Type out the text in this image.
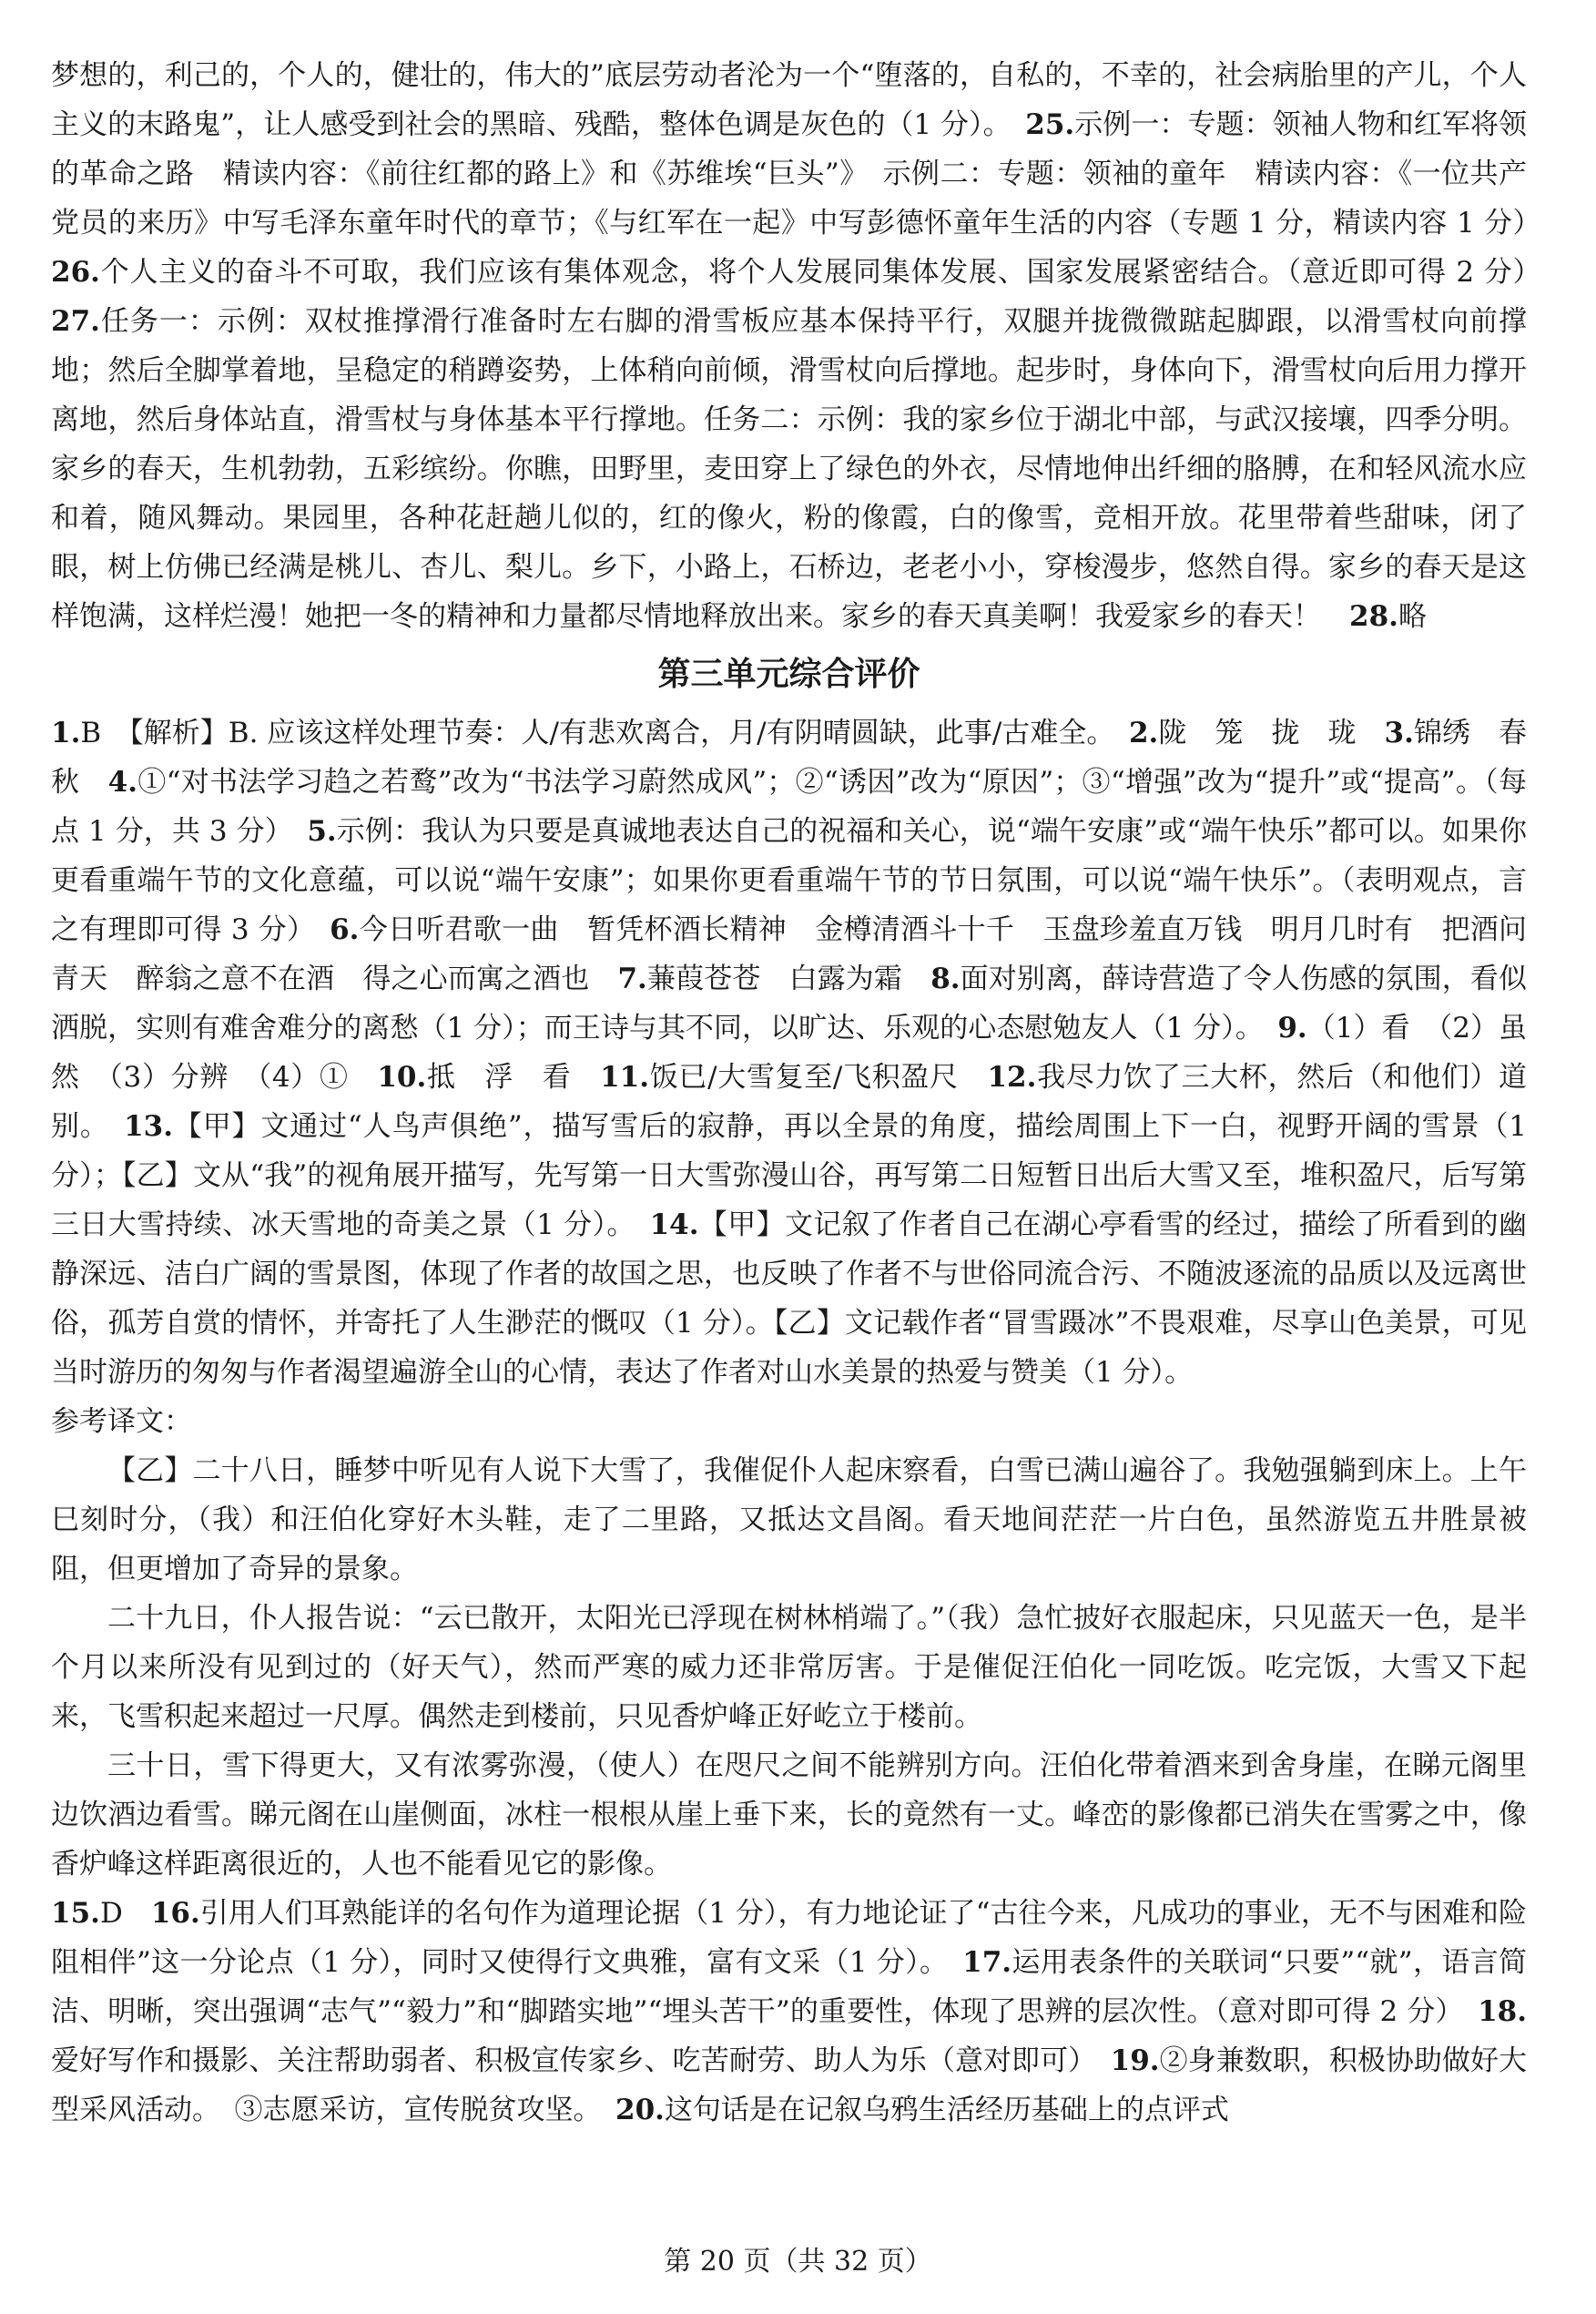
梦想的，利己的，个人的，健壮的，伟大的”底层劳动者沦为一个“堕落的，自私的，不幸的，社会病胎里的产儿，个人主义的末路鬼”，让人感受到社会的黑暗、残酷，整体色调是灰色的（1 分）。　 25.示例一：专题：领袖人物和红军将领的革命之路　精读内容：《前往红都的路上》和《苏维埃“巨头”》　示例二：专题：领袖的童年　精读内容：《一位共产党员的来历》中写毛泽东童年时代的章节；《与红军在一起》中写彭德怀童年生活的内容（专题 1 分，精读内容 1 分）　26.个人主义的奋斗不可取，我们应该有集体观念，将个人发展同集体发展、国家发展紧密结合。（意近即可得 2 分）　27.任务一：示例：双杖推撑滑行准备时左右脚的滑雪板应基本保持平行，双腿并拢微微踮起脚跟，以滑雪杖向前撑地；然后全脚掌着地，呈稳定的稍蹲姿势，上体稍向前倾，滑雪杖向后撑地。起步时，身体向下，滑雪杖向后用力撑开离地，然后身体站直，滑雪杖与身体基本平行撑地。任务二：示例：我的家乡位于湖北中部，与武汉接壤，四季分明。家乡的春天，生机勃勃，五彩缤纷。你瞧，田野里，麦田穿上了绿色的外衣，尽情地伸出纤细的胳膊，在和轻风流水应和着，随风舞动。果园里，各种花赶趟儿似的，红的像火，粉的像霞，白的像雪，竞相开放。花里带着些甜味，闭了眼，树上仿佛已经满是桃儿、杏儿、梨儿。乡下，小路上，石桥边，老老小小，穿梭漫步，悠然自得。家乡的春天是这样饱满，这样烂漫！她把一冬的精神和力量都尽情地释放出来。家乡的春天真美啊！我爱家乡的春天！　 28.略

第三单元综合评价

1.B　【解析】B. 应该这样处理节奏：人/有悲欢离合，月/有阴晴圆缺，此事/古难全。　 2.陇　笼　拢　珑　 3.锦绣　春秋　 4.①“对书法学习趋之若鹜”改为“书法学习蔚然成风”；②“诱因”改为“原因”；③“增强”改为“提升”或“提高”。（每点 1 分，共 3 分）　 5.示例：我认为只要是真诚地表达自己的祝福和关心，说“端午安康”或“端午快乐”都可以。如果你更看重端午节的文化意蕴，可以说“端午安康”；如果你更看重端午节的节日氛围，可以说“端午快乐”。（表明观点，言之有理即可得 3 分）　 6.今日听君歌一曲　暂凭杯酒长精神　金樽清酒斗十千　玉盘珍羞直万钱　明月几时有　把酒问青天　醉翁之意不在酒　得之心而寓之酒也　 7.蒹葭苍苍　白露为霜　 8.面对别离，薛诗营造了令人伤感的氛围，看似洒脱，实则有难舍难分的离愁（1 分）；而王诗与其不同，以旷达、乐观的心态慰勉友人（1 分）。　 9.（1）看　（2）虽然　（3）分辨　（4）①　 10.抵　浮　看　 11.饭已/大雪复至/飞积盈尺　 12.我尽力饮了三大杯，然后（和他们）道别。　 13.【甲】文通过“人鸟声俱绝”，描写雪后的寂静，再以全景的角度，描绘周围上下一白，视野开阔的雪景（1 分）；【乙】文从“我”的视角展开描写，先写第一日大雪弥漫山谷，再写第二日短暂日出后大雪又至，堆积盈尺，后写第三日大雪持续、冰天雪地的奇美之景（1 分）。　 14.【甲】文记叙了作者自己在湖心亭看雪的经过，描绘了所看到的幽静深远、洁白广阔的雪景图，体现了作者的故国之思，也反映了作者不与世俗同流合污、不随波逐流的品质以及远离世俗，孤芳自赏的情怀，并寄托了人生渺茫的慨叹（1 分）。【乙】文记载作者“冒雪蹑冰”不畏艰难，尽享山色美景，可见当时游历的匆匆与作者渴望遍游全山的心情，表达了作者对山水美景的热爱与赞美（1 分）。

参考译文：

【乙】二十八日，睡梦中听见有人说下大雪了，我催促仆人起床察看，白雪已满山遍谷了。我勉强躺到床上。上午巳刻时分，（我）和汪伯化穿好木头鞋，走了二里路，又抵达文昌阁。看天地间茫茫一片白色，虽然游览五井胜景被阻，但更增加了奇异的景象。

二十九日，仆人报告说：“云已散开，太阳光已浮现在树林梢端了。”（我）急忙披好衣服起床，只见蓝天一色，是半个月以来所没有见到过的（好天气），然而严寒的威力还非常厉害。于是催促汪伯化一同吃饭。吃完饭，大雪又下起来，飞雪积起来超过一尺厚。偶然走到楼前，只见香炉峰正好屹立于楼前。

三十日，雪下得更大，又有浓雾弥漫，（使人）在咫尺之间不能辨别方向。汪伯化带着酒来到舍身崖，在睇元阁里边饮酒边看雪。睇元阁在山崖侧面，冰柱一根根从崖上垂下来，长的竟然有一丈。峰峦的影像都已消失在雪雾之中，像香炉峰这样距离很近的，人也不能看见它的影像。

15.D　 16.引用人们耳熟能详的名句作为道理论据（1 分），有力地论证了“古往今来，凡成功的事业，无不与困难和险阻相伴”这一分论点（1 分），同时又使得行文典雅，富有文采（1 分）。　 17.运用表条件的关联词“只要”“就”，语言简洁、明晰，突出强调“志气”“毅力”和“脚踏实地”“埋头苦干”的重要性，体现了思辨的层次性。（意对即可得 2 分）　 18.爱好写作和摄影、关注帮助弱者、积极宣传家乡、吃苦耐劳、助人为乐（意对即可）　 19.②身兼数职，积极协助做好大型采风活动。　③志愿采访，宣传脱贫攻坚。　 20.这句话是在记叙乌鸦生活经历基础上的点评式

第 20 页（共 32 页）
